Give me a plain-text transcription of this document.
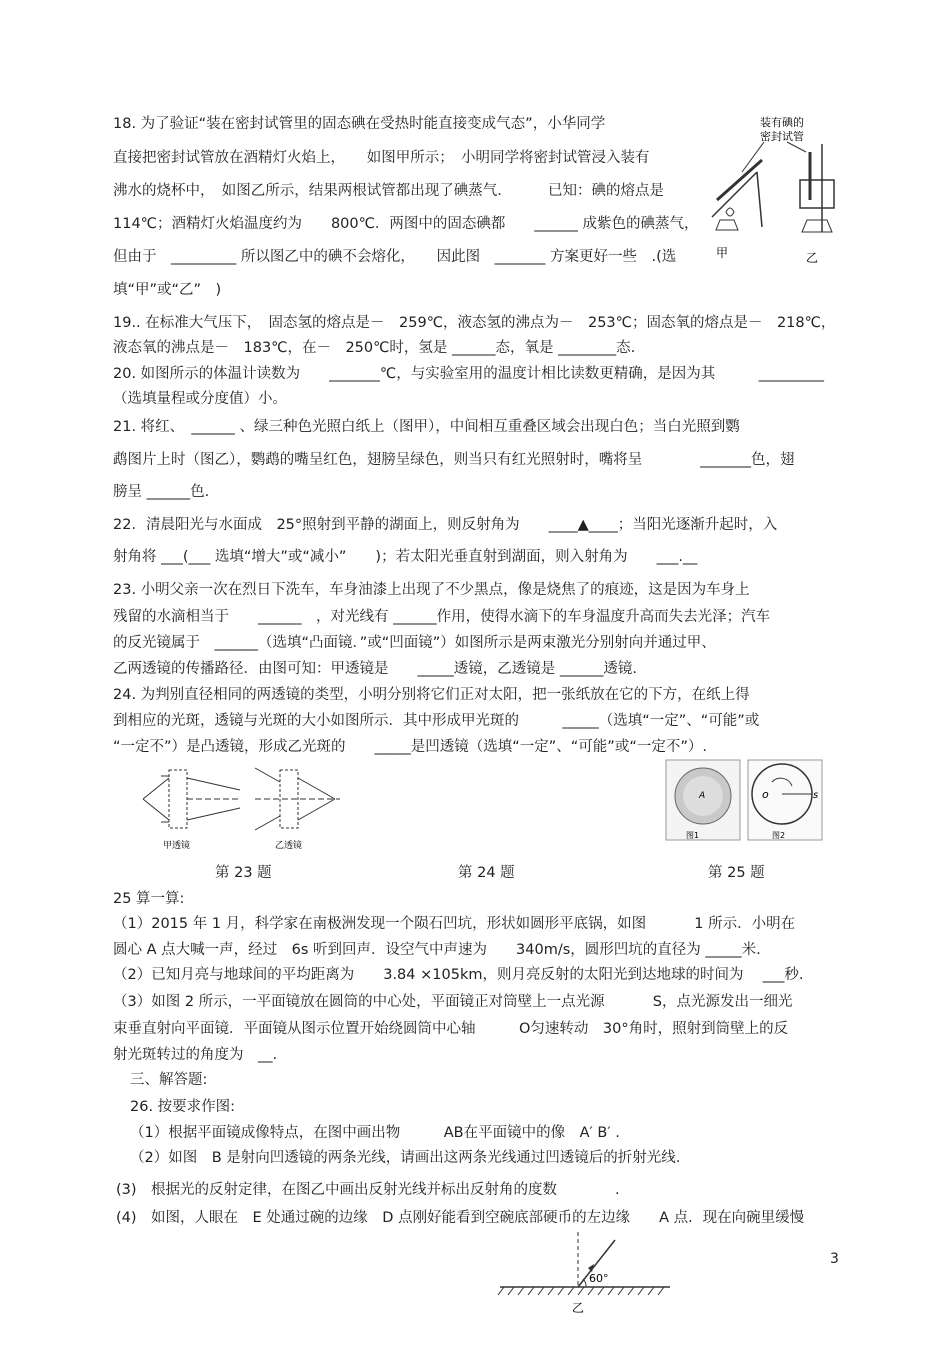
18. 为了验证“装在密封试管里的固态碘在受热时能直接变成气态”，小华同学
直接把密封试管放在酒精灯火焰上，　　如图甲所示；　小明同学将密封试管浸入装有
沸水的烧杯中，　如图乙所示，结果两根试管都出现了碘蒸气．　　　已知：碘的熔点是
114℃；酒精灯火焰温度约为　　800℃．两图中的固态碘都　　______ 成紫色的碘蒸气，
但由于　_________ 所以图乙中的碘不会熔化，　　因此图　_______ 方案更好一些　.(选
填“甲”或“乙”　)
19.. 在标准大气压下，　固态氢的熔点是－　259℃，液态氢的沸点为－　253℃；固态氧的熔点是－　218℃，
液态氧的沸点是－　183℃，在－　250℃时，氢是 ______态，氧是 ________态.
20. 如图所示的体温计读数为　　_______℃，与实验室用的温度计相比读数更精确，是因为其　　　_________
（选填量程或分度值）小。
21. 将红、　______ 、绿三种色光照白纸上（图甲），中间相互重叠区域会出现白色；当白光照到鹦
鹉图片上时（图乙），鹦鹉的嘴呈红色，翅膀呈绿色，则当只有红光照射时，嘴将呈　　　　_______色，翅
膀呈 ______色.
22．清晨阳光与水面成　25°照射到平静的湖面上，则反射角为　　____▲____；当阳光逐渐升起时，入
射角将 ___(___ 选填“增大”或“减小”　　)；若太阳光垂直射到湖面，则入射角为　　___.__
23. 小明父亲一次在烈日下洗车，车身油漆上出现了不少黑点，像是烧焦了的痕迹，这是因为车身上
残留的水滴相当于　　______　，对光线有 ______作用，使得水滴下的车身温度升高而失去光泽；汽车
的反光镜属于　______（选填“凸面镜．”或“凹面镜”）如图所示是两束激光分别射向并通过甲、
乙两透镜的传播路径．由图可知：甲透镜是　　_____透镜，乙透镜是 ______透镜.
24. 为判别直径相同的两透镜的类型，小明分别将它们正对太阳，把一张纸放在它的下方，在纸上得
到相应的光斑，透镜与光斑的大小如图所示．其中形成甲光斑的　　　_____（选填“一定”、“可能”或
“一定不”）是凸透镜，形成乙光斑的　　_____是凹透镜（选填“一定”、“可能”或“一定不”）.
第 23 题	第 24 题	第 25 题
25 算一算:
（1）2015 年 1 月，科学家在南极洲发现一个陨石凹坑，形状如圆形平底锅，如图　　　 1 所示．小明在
圆心 A 点大喊一声，经过　6s 听到回声．设空气中声速为　　340m/s，圆形凹坑的直径为 _____米.
（2）已知月亮与地球间的平均距离为　　3.84 ×105km，则月亮反射的太阳光到达地球的时间为　 ___秒.
（3）如图 2 所示，一平面镜放在圆筒的中心处，平面镜正对筒壁上一点光源　　　 S，点光源发出一细光
束垂直射向平面镜．平面镜从图示位置开始绕圆筒中心轴　　　O匀速转动　30°角时，照射到筒壁上的反
射光斑转过的角度为　__.
三、解答题:
26. 按要求作图:
（1）根据平面镜成像特点，在图中画出物　　　AB在平面镜中的像　A′ B′ .
（2）如图　B 是射向凹透镜的两条光线，请画出这两条光线通过凹透镜后的折射光线.
(3)　根据光的反射定律，在图乙中画出反射光线并标出反射角的度数　　　　.
(4)　如图，人眼在　E 处通过碗的边缘　D 点刚好能看到空碗底部硬币的左边缘　　A 点．现在向碗里缓慢
3
装有碘的
密封试管
甲	乙
甲透镜	乙透镜
A
图1
o	s
图2
60°
乙
